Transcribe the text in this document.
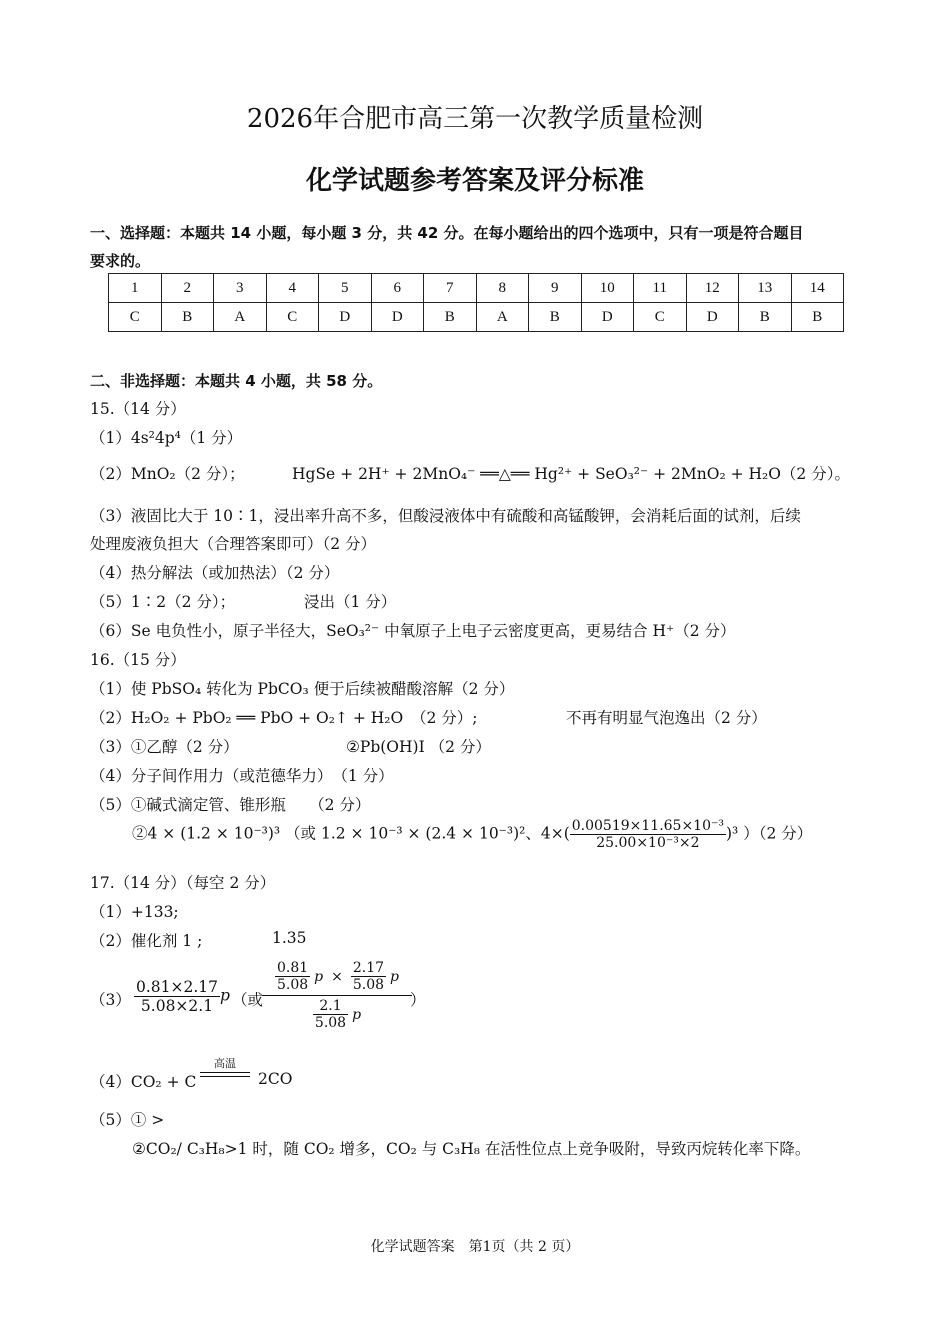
2026年合肥市高三第一次教学质量检测
化学试题参考答案及评分标准
一、选择题：本题共 14 小题，每小题 3 分，共 42 分。在每小题给出的四个选项中，只有一项是符合题目
要求的。
1	2	3	4	5	6	7	8	9	10	11	12	13	14
C	B	A	C	D	D	B	A	B	D	C	D	B	B
二、非选择题：本题共 4 小题，共 58 分。
15.（14 分）
（1）4s²4p⁴（1 分）
（2）MnO₂（2 分）；	HgSe + 2H⁺ + 2MnO₄⁻ ══△══ Hg²⁺ + SeO₃²⁻ + 2MnO₂ + H₂O（2 分）。
（3）液固比大于 10∶1，浸出率升高不多，但酸浸液体中有硫酸和高锰酸钾，会消耗后面的试剂，后续
处理废液负担大（合理答案即可）（2 分）
（4）热分解法（或加热法）（2 分）
（5）1∶2（2 分）；	浸出（1 分）
（6）Se 电负性小，原子半径大，SeO₃²⁻ 中氧原子上电子云密度更高，更易结合 H⁺（2 分）
16.（15 分）
（1）使 PbSO₄ 转化为 PbCO₃ 便于后续被醋酸溶解（2 分）
（2）H₂O₂ + PbO₂ ══ PbO + O₂↑ + H₂O　（2 分）;	不再有明显气泡逸出（2 分）
（3）①乙醇（2 分）	②Pb(OH)I （2 分）
（4）分子间作用力（或范德华力）　（1 分）
（5）①碱式滴定管、锥形瓶　　（2 分）
②4 × (1.2 × 10⁻³)³ （或 1.2 × 10⁻³ × (2.4 × 10⁻³)²、$4\times( \frac{\text{0.00519×11.65×10⁻³}}{\text{25.00×10⁻³×2}} )^3$ ）（2 分）
17.（14 分）（每空 2 分）
（1）+133;
（2）催化剂 1 ;	1.35
$(3) \frac{0.81\times 2.17}{5.08\times 2.1}$ p （或
$\frac{0.81}{5.08}$ $p \times \frac{2.17}{5.08}$ p
$\frac{2.1}{5.08}$ p
）
（4）CO₂ + C
高温
2CO
（5）① >
②CO₂/ C₃H₈>1 时，随 CO₂ 增多，CO₂ 与 C₃H₈ 在活性位点上竞争吸附，导致丙烷转化率下降。
化学试题答案　第1页（共 2 页）
